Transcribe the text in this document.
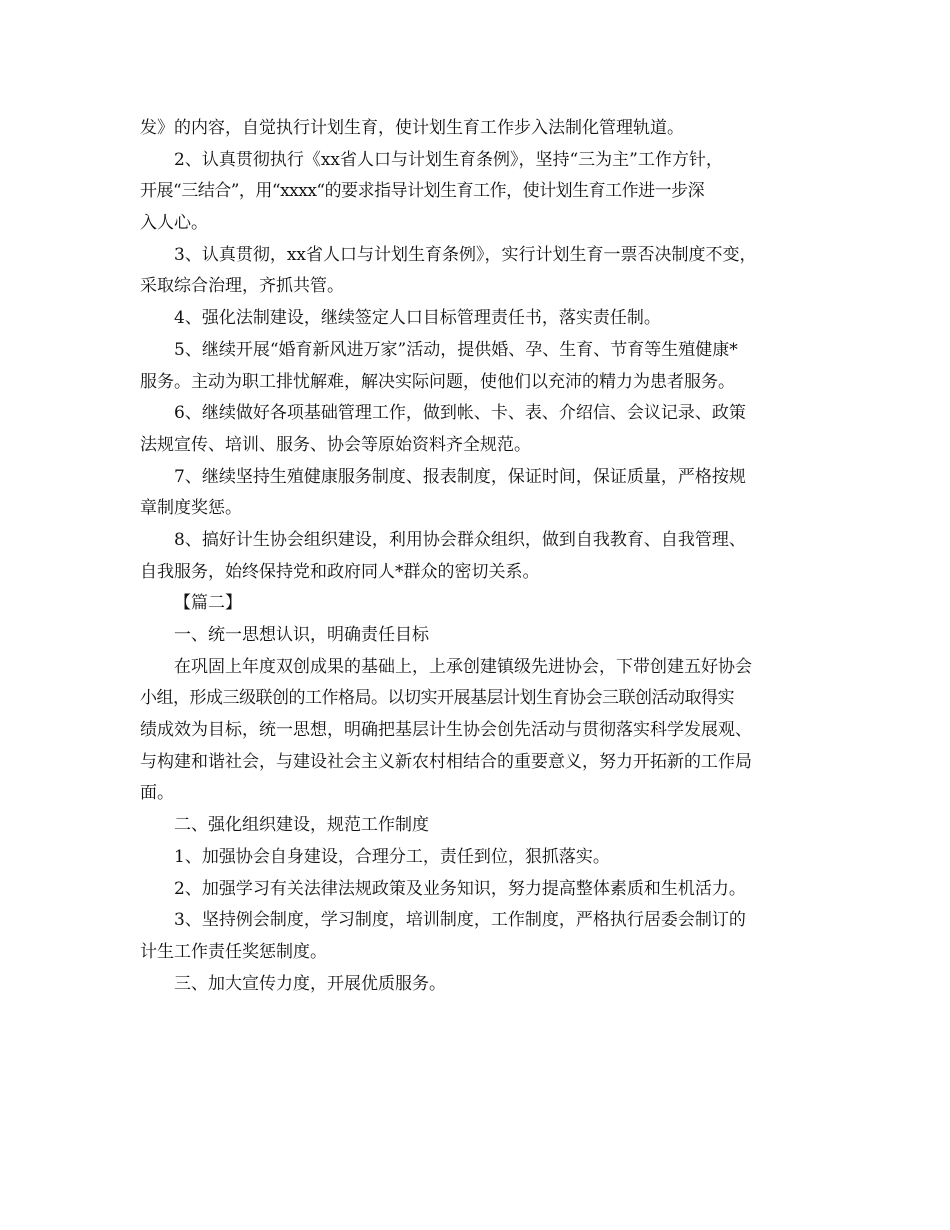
发》的内容，自觉执行计划生育，使计划生育工作步入法制化管理轨道。
2、认真贯彻执行《xx省人口与计划生育条例》，坚持“三为主”工作方针，
开展“三结合”，用“xxxx“的要求指导计划生育工作，使计划生育工作进一步深
入人心。
3、认真贯彻，xx省人口与计划生育条例》，实行计划生育一票否决制度不变，
采取综合治理，齐抓共管。
4、强化法制建设，继续签定人口目标管理责任书，落实责任制。
5、继续开展“婚育新风进万家”活动，提供婚、孕、生育、节育等生殖健康*
服务。主动为职工排忧解难，解决实际问题，使他们以充沛的精力为患者服务。
6、继续做好各项基础管理工作，做到帐、卡、表、介绍信、会议记录、政策
法规宣传、培训、服务、协会等原始资料齐全规范。
7、继续坚持生殖健康服务制度、报表制度，保证时间，保证质量，严格按规
章制度奖惩。
8、搞好计生协会组织建设，利用协会群众组织，做到自我教育、自我管理、
自我服务，始终保持党和政府同人*群众的密切关系。
【篇二】
一、统一思想认识，明确责任目标
在巩固上年度双创成果的基础上，上承创建镇级先进协会，下带创建五好协会
小组，形成三级联创的工作格局。以切实开展基层计划生育协会三联创活动取得实
绩成效为目标，统一思想，明确把基层计生协会创先活动与贯彻落实科学发展观、
与构建和谐社会，与建设社会主义新农村相结合的重要意义，努力开拓新的工作局
面。
二、强化组织建设，规范工作制度
1、加强协会自身建设，合理分工，责任到位，狠抓落实。
2、加强学习有关法律法规政策及业务知识，努力提高整体素质和生机活力。
3、坚持例会制度，学习制度，培训制度，工作制度，严格执行居委会制订的
计生工作责任奖惩制度。
三、加大宣传力度，开展优质服务。
